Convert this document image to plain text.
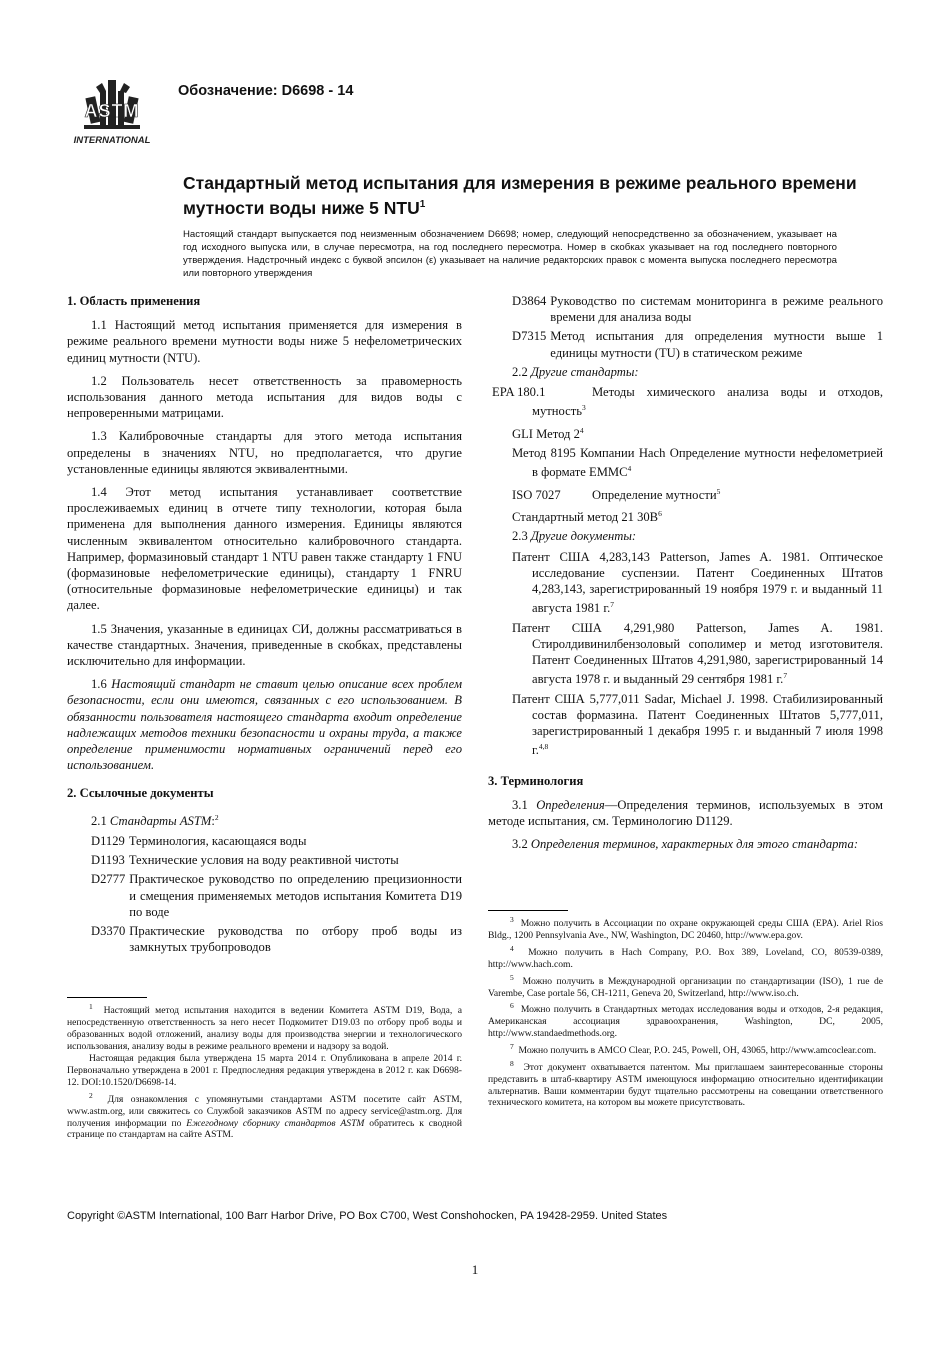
ASTM
INTERNATIONAL
Обозначение: D6698 - 14
Стандартный метод испытания для измерения в режиме реального времени мутности воды ниже 5 NTU$^1$
Настоящий стандарт выпускается под неизменным обозначением D6698; номер, следующий непосредственно за обозначением, указывает на год исходного выпуска или, в случае пересмотра, на год последнего пересмотра. Номер в скобках указывает на год последнего повторного утверждения. Надстрочный индекс с буквой эпсилон (ε) указывает на наличие редакторских правок с момента выпуска последнего пересмотра или повторного утверждения
1. Область применения
1.1 Настоящий метод испытания применяется для измерения в режиме реального времени мутности воды ниже 5 нефелометрических единиц мутности (NTU).
1.2 Пользователь несет ответственность за правомерность использования данного метода испытания для видов воды с непроверенными матрицами.
1.3 Калибровочные стандарты для этого метода испытания определены в значениях NTU, но предполагается, что другие установленные единицы являются эквивалентными.
1.4 Этот метод испытания устанавливает соответствие прослеживаемых единиц в отчете типу технологии, которая была применена для выполнения данного измерения. Единицы являются численным эквивалентом относительно калибровочного стандарта. Например, формазиновый стандарт 1 NTU равен также стандарту 1 FNU (формазиновые нефелометрические единицы), стандарту 1 FNRU (относительные формазиновые нефелометрические единицы) и так далее.
1.5 Значения, указанные в единицах СИ, должны рассматриваться в качестве стандартных. Значения, приведенные в скобках, представлены исключительно для информации.
1.6 Настоящий стандарт не ставит целью описание всех проблем безопасности, если они имеются, связанных с его использованием. В обязанности пользователя настоящего стандарта входит определение надлежащих методов техники безопасности и охраны труда, а также определение применимости нормативных ограничений перед его использованием.
2. Ссылочные документы
2.1 Стандарты ASTM:$^2$
D1129 Терминология, касающаяся воды
D1193 Технические условия на воду реактивной чистоты
D2777 Практическое руководство по определению прецизионности и смещения применяемых методов испытания Комитета D19 по воде
D3370 Практические руководства по отбору проб воды из замкнутых трубопроводов
D3864 Руководство по системам мониторинга в режиме реального времени для анализа воды
D7315 Метод испытания для определения мутности выше 1 единицы мутности (TU) в статическом режиме
2.2 Другие стандарты:
EPA 180.1	Методы химического анализа воды и отходов, мутность$^3$
GLI Метод $2^4$
Метод 8195 Компании Hach Определение мутности нефелометрией в формате EMMC$^4$
ISO 7027 Определение мутности$^5$
Стандартный метод 21 $30B^6$
2.3 Другие документы:
Патент США 4,283,143 Patterson, James A. 1981. Оптическое исследование суспензии. Патент Соединенных Штатов 4,283,143, зарегистрированный 19 ноября 1979 г. и выданный 11 августа 1981 г.$^7$
Патент США 4,291,980 Patterson, James A. 1981. Стиролдивинилбензоловый сополимер и метод изготовителя. Патент Соединенных Штатов 4,291,980, зарегистрированный 14 августа 1978 г. и выданный 29 сентября 1981 г.$^7$
Патент США 5,777,011 Sadar, Michael J. 1998. Стабилизированный состав формазина. Патент Соединенных Штатов 5,777,011, зарегистрированный 1 декабря 1995 г. и выданный 7 июля 1998 г.$^{4,8}$
3. Терминология
3.1 Определения—Определения терминов, используемых в этом методе испытания, см. Терминологию D1129.
3.2 Определения терминов, характерных для этого стандарта:

$^1$ Настоящий метод испытания находится в ведении Комитета ASTM D19, Вода, а непосредственную ответственность за него несет Подкомитет D19.03 по отбору проб воды и образованных водой отложений, анализу воды для производства энергии и технологического использования, анализу воды в режиме реального времени и надзору за водой.

Настоящая редакция была утверждена 15 марта 2014 г. Опубликована в апреле 2014 г. Первоначально утверждена в 2001 г. Предпоследняя редакция утверждена в 2012 г. как D6698-12. DOI:10.1520/D6698-14.

$^2$ Для ознакомления с упомянутыми стандартами ASTM посетите сайт ASTM, www.astm.org, или свяжитесь со Службой заказчиков ASTM по адресу service@astm.org. Для получения информации по Ежегодному сборнику стандартов ASTM обратитесь к сводной странице по стандартам на сайте ASTM.

$^3$ Можно получить в Ассоциации по охране окружающей среды США (EPA). Ariel Rios Bldg., 1200 Pennsylvania Ave., NW, Washington, DC 20460, http://www.epa.gov.

$^4$ Можно получить в Hach Company, P.O. Box 389, Loveland, CO, 80539-0389, http://www.hach.com.

$^5$ Можно получить в Международной организации по стандартизации (ISO), 1 rue de Varembe, Case portale 56, CH-1211, Geneva 20, Switzerland, http://www.iso.ch.

$^6$ Можно получить в Стандартных методах исследования воды и отходов, 2-я редакция, Американская ассоциация здравоохранения, Washington, DC, 2005, http://www.standaedmethods.org.

$^7$ Можно получить в AMCO Clear, P.O. 245, Powell, OH, 43065, http://www.amcoclear.com.

$^8$ Этот документ охватывается патентом. Мы приглашаем заинтересованные стороны представить в штаб-квартиру ASTM имеющуюся информацию относительно идентификации альтернатив. Ваши комментарии будут тщательно рассмотрены на совещании ответственного технического комитета, на котором вы можете присутствовать.

Copyright ©ASTM International, 100 Barr Harbor Drive, PO Box C700, West Conshohocken, PA 19428-2959. United States
1
